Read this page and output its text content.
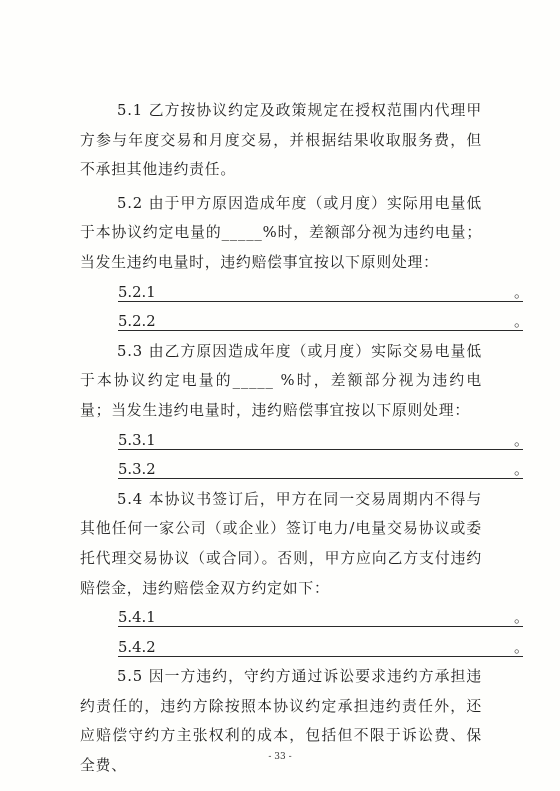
5.1 乙方按协议约定及政策规定在授权范围内代理甲方参与年度交易和月度交易，并根据结果收取服务费，但不承担其他违约责任。

5.2 由于甲方原因造成年度（或月度）实际用电量低于本协议约定电量的_____%时，差额部分视为违约电量；当发生违约电量时，违约赔偿事宜按以下原则处理：

5.2.1	。
5.2.2	。

5.3 由乙方原因造成年度（或月度）实际交易电量低于本协议约定电量的_____ %时，差额部分视为违约电量；当发生违约电量时，违约赔偿事宜按以下原则处理：

5.3.1	。
5.3.2	。

5.4 本协议书签订后，甲方在同一交易周期内不得与其他任何一家公司（或企业）签订电力/电量交易协议或委托代理交易协议（或合同）。否则，甲方应向乙方支付违约赔偿金，违约赔偿金双方约定如下：

5.4.1	。
5.4.2	。

5.5 因一方违约，守约方通过诉讼要求违约方承担违约责任的，违约方除按照本协议约定承担违约责任外，还应赔偿守约方主张权利的成本，包括但不限于诉讼费、保全费、

- 33 -
